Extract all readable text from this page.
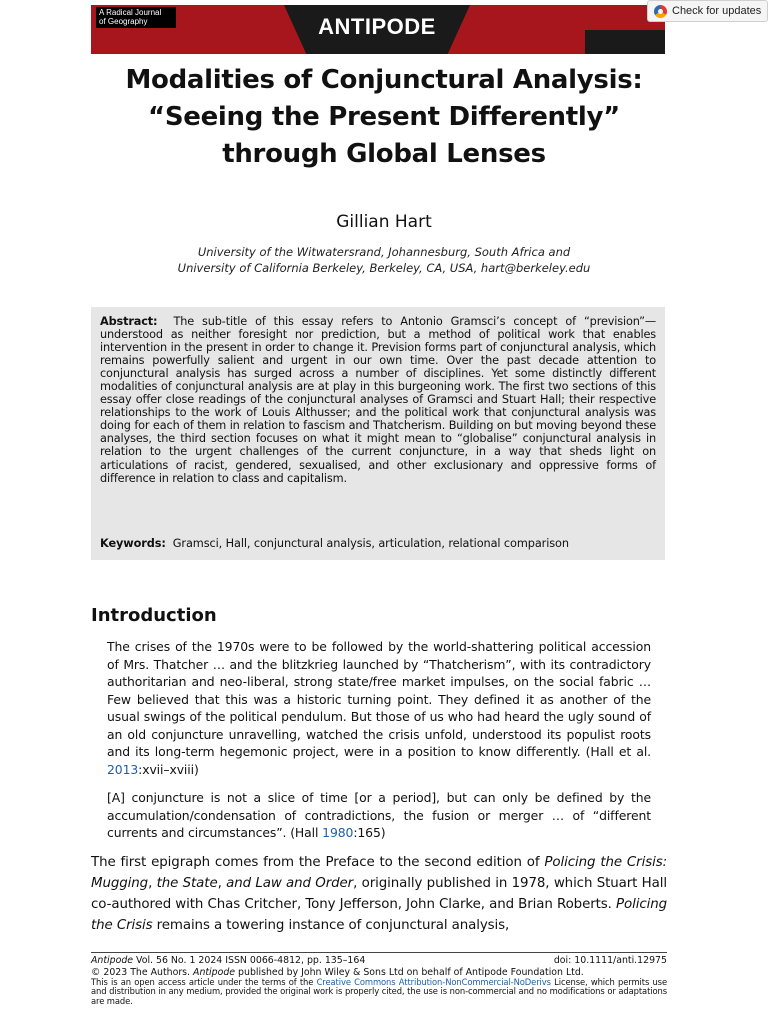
A Radical Journal
of Geography	ANTIPODE
Check for updates
Modalities of Conjunctural Analysis:
“Seeing the Present Differently”
through Global Lenses
Gillian Hart
University of the Witwatersrand, Johannesburg, South Africa and
University of California Berkeley, Berkeley, CA, USA, hart@berkeley.edu

Abstract: The sub-title of this essay refers to Antonio Gramsci’s concept of “prevision”—understood as neither foresight nor prediction, but a method of political work that enables intervention in the present in order to change it. Prevision forms part of conjunctural analysis, which remains powerfully salient and urgent in our own time. Over the past decade attention to conjunctural analysis has surged across a number of disciplines. Yet some distinctly different modalities of conjunctural analysis are at play in this burgeoning work. The first two sections of this essay offer close readings of the conjunctural analyses of Gramsci and Stuart Hall; their respective relationships to the work of Louis Althusser; and the political work that conjunctural analysis was doing for each of them in relation to fascism and Thatcherism. Building on but moving beyond these analyses, the third section focuses on what it might mean to “globalise” conjunctural analysis in relation to the urgent challenges of the current conjuncture, in a way that sheds light on articulations of racist, gendered, sexualised, and other exclusionary and oppressive forms of difference in relation to class and capitalism.

Keywords: Gramsci, Hall, conjunctural analysis, articulation, relational comparison
Introduction

The crises of the 1970s were to be followed by the world-shattering political accession of Mrs. Thatcher … and the blitzkrieg launched by “Thatcherism”, with its contradictory authoritarian and neo-liberal, strong state/free market impulses, on the social fabric … Few believed that this was a historic turning point. They defined it as another of the usual swings of the political pendulum. But those of us who had heard the ugly sound of an old conjuncture unravelling, watched the crisis unfold, understood its populist roots and its long-term hegemonic project, were in a position to know differently. (Hall et al. 2013:xvii–xviii)

[A] conjuncture is not a slice of time [or a period], but can only be defined by the accumulation/condensation of contradictions, the fusion or merger … of “different currents and circumstances”. (Hall 1980:165)

The first epigraph comes from the Preface to the second edition of Policing the Crisis: Mugging, the State, and Law and Order, originally published in 1978, which Stuart Hall co-authored with Chas Critcher, Tony Jefferson, John Clarke, and Brian Roberts. Policing the Crisis remains a towering instance of conjunctural analysis,

Antipode Vol. 56 No. 1 2024 ISSN 0066-4812, pp. 135–164	doi: 10.1111/anti.12975
© 2023 The Authors. Antipode published by John Wiley & Sons Ltd on behalf of Antipode Foundation Ltd.
This is an open access article under the terms of the Creative Commons Attribution-NonCommercial-NoDerivs License, which permits use and distribution in any medium, provided the original work is properly cited, the use is non-commercial and no modifications or adaptations are made.
